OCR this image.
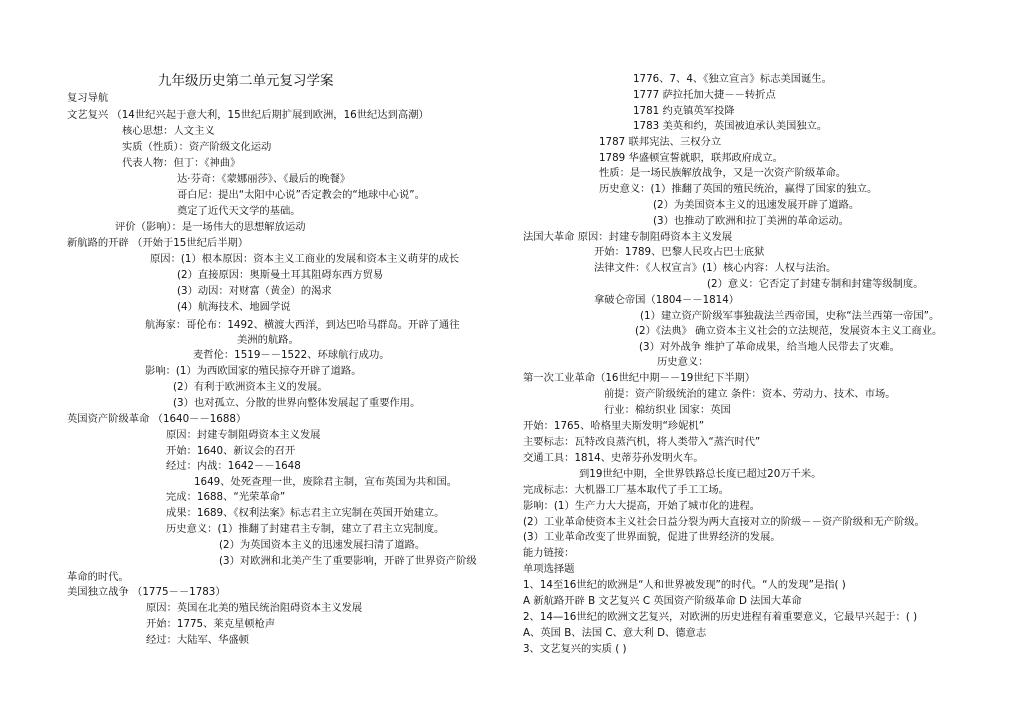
九年级历史第二单元复习学案
复习导航
文艺复兴 （14世纪兴起于意大利，15世纪后期扩展到欧洲，16世纪达到高潮）
核心思想：人文主义
实质（性质）：资产阶级文化运动
代表人物：但丁：《神曲》
达·芬奇：《蒙娜丽莎》、《最后的晚餐》
哥白尼：提出“太阳中心说”否定教会的“地球中心说”。
奠定了近代天文学的基础。
评价（影响）：是一场伟大的思想解放运动
新航路的开辟 （开始于15世纪后半期）
原因：(1）根本原因：资本主义工商业的发展和资本主义萌芽的成长
(2）直接原因：奥斯曼土耳其阻碍东西方贸易
(3）动因：对财富（黄金）的渴求
(4）航海技术、地圆学说
航海家：哥伦布：1492、横渡大西洋，到达巴哈马群岛。开辟了通往
美洲的航路。
麦哲伦：1519－－1522、环球航行成功。
影响：(1）为西欧国家的殖民掠夺开辟了道路。
(2）有利于欧洲资本主义的发展。
(3）也对孤立、分散的世界向整体发展起了重要作用。
英国资产阶级革命 （1640－－1688）
原因：封建专制阻碍资本主义发展
开始：1640、新议会的召开
经过：内战：1642－－1648
1649、处死查理一世，废除君主制，宣布英国为共和国。
完成：1688、“光荣革命”
成果：1689、《权利法案》标志君主立宪制在英国开始建立。
历史意义：(1）推翻了封建君主专制，建立了君主立宪制度。
(2）为英国资本主义的迅速发展扫清了道路。
(3）对欧洲和北美产生了重要影响，开辟了世界资产阶级
革命的时代。
美国独立战争 （1775－－1783）
原因：英国在北美的殖民统治阻碍资本主义发展
开始：1775、莱克星顿枪声
经过：大陆军、华盛顿
1776、7、4、《独立宣言》标志美国诞生。
1777 萨拉托加大捷－－转折点
1781 约克镇英军投降
1783 美英和约，英国被迫承认美国独立。
1787 联邦宪法、三权分立
1789 华盛顿宣誓就职，联邦政府成立。
性质：是一场民族解放战争，又是一次资产阶级革命。
历史意义：(1）推翻了英国的殖民统治，赢得了国家的独立。
(2）为美国资本主义的迅速发展开辟了道路。
(3）也推动了欧洲和拉丁美洲的革命运动。
法国大革命 原因：封建专制阻碍资本主义发展
开始：1789、巴黎人民攻占巴士底狱
法律文件：《人权宣言》(1）核心内容：人权与法治。
(2）意义：它否定了封建专制和封建等级制度。
拿破仑帝国（1804－－1814）
(1）建立资产阶级军事独裁法兰西帝国，史称“法兰西第一帝国”。
(2）《法典》 确立资本主义社会的立法规范，发展资本主义工商业。
(3）对外战争 维护了革命成果，给当地人民带去了灾难。
历史意义：
第一次工业革命（16世纪中期－－19世纪下半期）
前提：资产阶级统治的建立 条件：资本、劳动力、技术、市场。
行业：棉纺织业 国家：英国
开始：1765、哈格里夫斯发明“珍妮机”
主要标志：瓦特改良蒸汽机，将人类带入“蒸汽时代”
交通工具：1814、史蒂芬孙发明火车。
到19世纪中期，全世界铁路总长度已超过20万千米。
完成标志：大机器工厂基本取代了手工工场。
影响：(1）生产力大大提高，开始了城市化的进程。
(2）工业革命使资本主义社会日益分裂为两大直接对立的阶级－－资产阶级和无产阶级。
(3）工业革命改变了世界面貌，促进了世界经济的发展。
能力链接：
单项选择题
1、14至16世纪的欧洲是“人和世界被发现”的时代。“人的发现”是指( )
A 新航路开辟 B 文艺复兴 C 英国资产阶级革命 D 法国大革命
2、14—16世纪的欧洲文艺复兴，对欧洲的历史进程有着重要意义，它最早兴起于：( )
A、英国 B、法国 C、意大利 D、德意志
3、文艺复兴的实质 ( )
